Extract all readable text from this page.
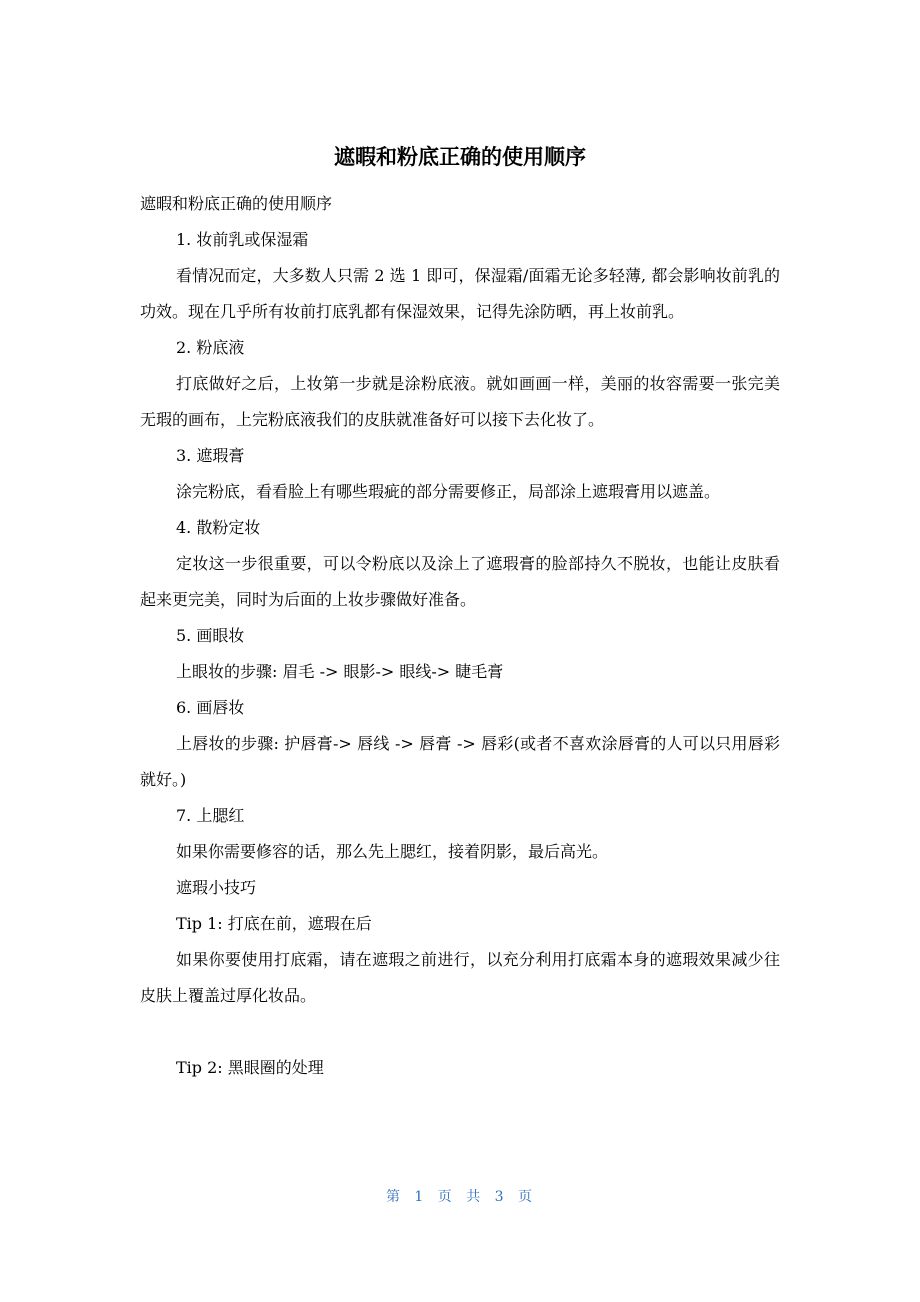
遮暇和粉底正确的使用顺序

遮暇和粉底正确的使用顺序

1. 妆前乳或保湿霜

看情况而定，大多数人只需 2 选 1 即可，保湿霜/面霜无论多轻薄, 都会影响妆前乳的功效。现在几乎所有妆前打底乳都有保湿效果，记得先涂防晒，再上妆前乳。

2. 粉底液

打底做好之后，上妆第一步就是涂粉底液。就如画画一样，美丽的妆容需要一张完美无瑕的画布，上完粉底液我们的皮肤就准备好可以接下去化妆了。

3. 遮瑕膏

涂完粉底，看看脸上有哪些瑕疵的部分需要修正，局部涂上遮瑕膏用以遮盖。

4. 散粉定妆

定妆这一步很重要，可以令粉底以及涂上了遮瑕膏的脸部持久不脱妆，也能让皮肤看起来更完美，同时为后面的上妆步骤做好准备。

5. 画眼妆

上眼妆的步骤: 眉毛 -> 眼影-> 眼线-> 睫毛膏

6. 画唇妆

上唇妆的步骤: 护唇膏-> 唇线 -> 唇膏 -> 唇彩(或者不喜欢涂唇膏的人可以只用唇彩就好。)

7. 上腮红

如果你需要修容的话，那么先上腮红，接着阴影，最后高光。

遮瑕小技巧

Tip 1: 打底在前，遮瑕在后

如果你要使用打底霜，请在遮瑕之前进行，以充分利用打底霜本身的遮瑕效果减少往皮肤上覆盖过厚化妆品。

Tip 2: 黑眼圈的处理

第 1 页 共 3 页
